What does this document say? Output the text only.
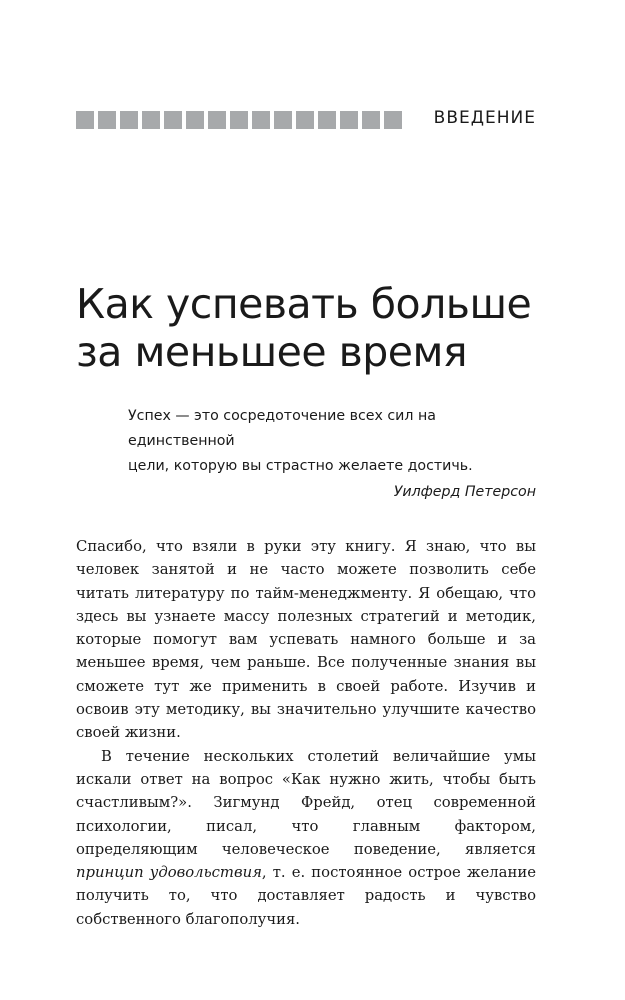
ВВЕДЕНИЕ
Как успевать больше
за меньшее время
Успех — это сосредоточение всех сил на единственной
цели, которую вы страстно желаете достичь.
Уилферд Петерсон

Спасибо, что взяли в руки эту книгу. Я знаю, что вы человек занятой и не часто можете позволить себе читать литературу по тайм-менеджменту. Я обещаю, что здесь вы узнаете массу полезных стратегий и методик, которые помогут вам успевать намного больше и за меньшее время, чем раньше. Все полученные знания вы сможете тут же применить в своей работе. Изучив и освоив эту методику, вы значительно улучшите качество своей жизни.

В течение нескольких столетий величайшие умы искали ответ на вопрос «Как нужно жить, чтобы быть счастливым?». Зигмунд Фрейд, отец современной психологии, писал, что главным фактором, определяющим человеческое поведение, является принцип удовольствия, т. е. постоянное острое желание получить то, что доставляет радость и чувство собственного благополучия.
